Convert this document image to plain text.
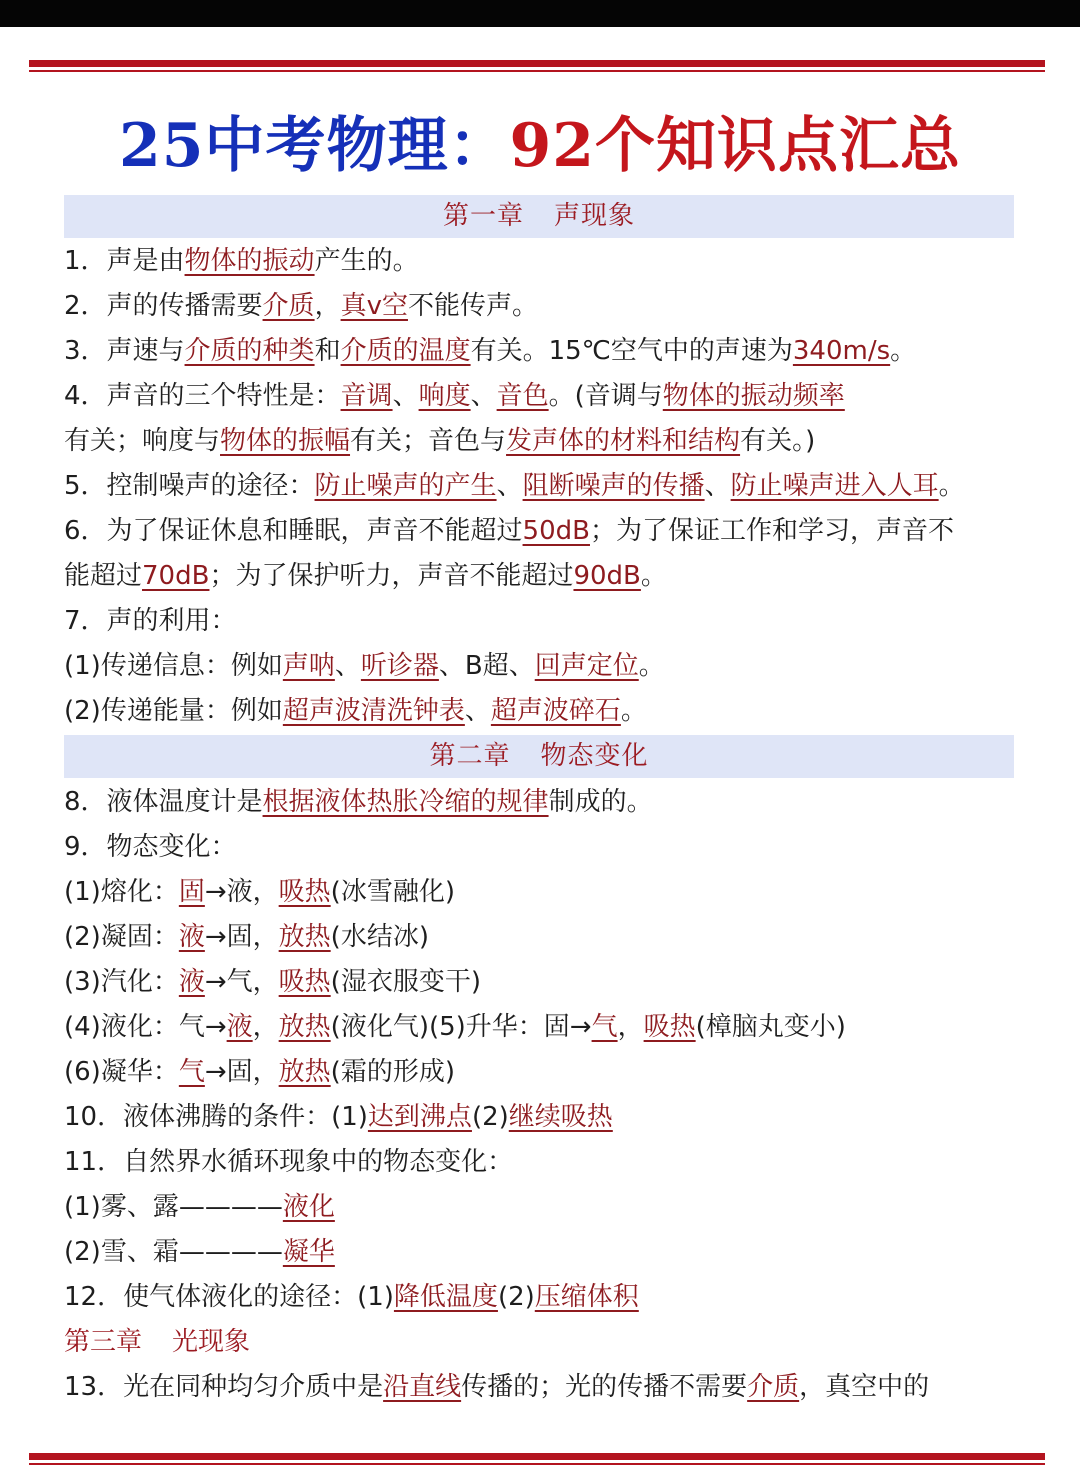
25中考物理：92个知识点汇总
第一章 声现象
1．声是由物体的振动产生的。
2．声的传播需要介质，真v空不能传声。
3．声速与介质的种类和介质的温度有关。15℃空气中的声速为340m/s。
4．声音的三个特性是：音调、响度、音色。(音调与物体的振动频率
有关；响度与物体的振幅有关；音色与发声体的材料和结构有关。)
5．控制噪声的途径：防止噪声的产生、阻断噪声的传播、防止噪声进入人耳。
6．为了保证休息和睡眠，声音不能超过50dB；为了保证工作和学习，声音不
能超过70dB；为了保护听力，声音不能超过90dB。
7．声的利用：
(1)传递信息：例如声呐、听诊器、B超、回声定位。
(2)传递能量：例如超声波清洗钟表、超声波碎石。
第二章 物态变化
8．液体温度计是根据液体热胀冷缩的规律制成的。
9．物态变化：
(1)熔化：固→液，吸热(冰雪融化)
(2)凝固：液→固，放热(水结冰)
(3)汽化：液→气，吸热(湿衣服变干)
(4)液化：气→液，放热(液化气)(5)升华：固→气，吸热(樟脑丸变小)
(6)凝华：气→固，放热(霜的形成)
10．液体沸腾的条件：(1)达到沸点(2)继续吸热
11．自然界水循环现象中的物态变化：
(1)雾、露————液化
(2)雪、霜————凝华
12．使气体液化的途径：(1)降低温度(2)压缩体积
第三章 光现象
13．光在同种均匀介质中是沿直线传播的；光的传播不需要介质，真空中的
